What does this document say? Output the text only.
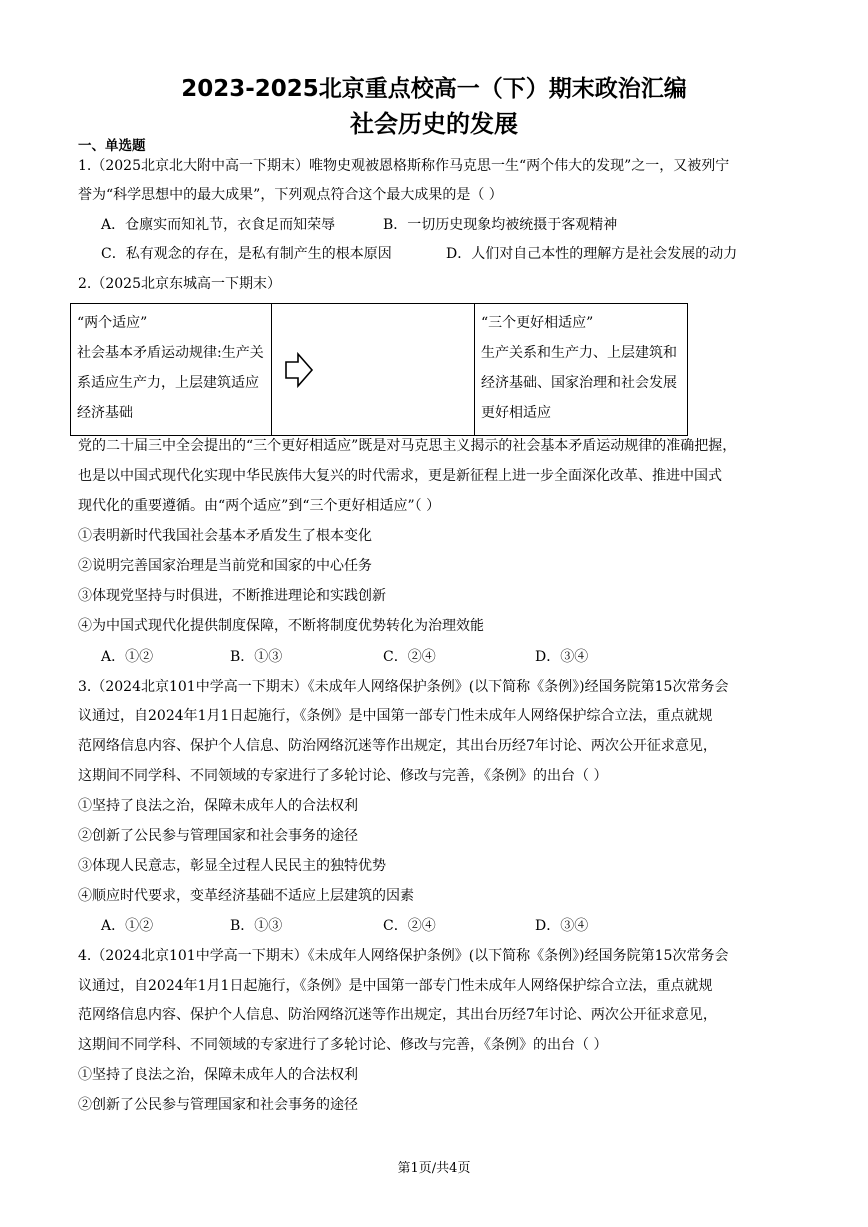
2023-2025北京重点校高一（下）期末政治汇编
社会历史的发展
一、单选题
1.（2025北京北大附中高一下期末）唯物史观被恩格斯称作马克思一生“两个伟大的发现”之一，又被列宁
誉为“科学思想中的最大成果”，下列观点符合这个最大成果的是（ ）
A．仓廪实而知礼节，衣食足而知荣辱	B．一切历史现象均被统摄于客观精神
C．私有观念的存在，是私有制产生的根本原因	D．人们对自己本性的理解方是社会发展的动力
2.（2025北京东城高一下期末）
“两个适应”
社会基本矛盾运动规律:生产关系适应生产力，上层建筑适应经济基础

“三个更好相适应”
生产关系和生产力、上层建筑和经济基础、国家治理和社会发展更好相适应
党的二十届三中全会提出的“三个更好相适应”既是对马克思主义揭示的社会基本矛盾运动规律的准确把握，
也是以中国式现代化实现中华民族伟大复兴的时代需求，更是新征程上进一步全面深化改革、推进中国式
现代化的重要遵循。由“两个适应”到“三个更好相适应”（ ）
①表明新时代我国社会基本矛盾发生了根本变化
②说明完善国家治理是当前党和国家的中心任务
③体现党坚持与时俱进，不断推进理论和实践创新
④为中国式现代化提供制度保障，不断将制度优势转化为治理效能
A．①②	B．①③	C．②④	D．③④
3.（2024北京101中学高一下期末）《未成年人网络保护条例》(以下简称《条例》)经国务院第15次常务会
议通过，自2024年1月1日起施行，《条例》是中国第一部专门性未成年人网络保护综合立法，重点就规
范网络信息内容、保护个人信息、防治网络沉迷等作出规定，其出台历经7年讨论、两次公开征求意见，
这期间不同学科、不同领域的专家进行了多轮讨论、修改与完善，《条例》的出台（ ）
①坚持了良法之治，保障未成年人的合法权利
②创新了公民参与管理国家和社会事务的途径
③体现人民意志，彰显全过程人民民主的独特优势
④顺应时代要求，变革经济基础不适应上层建筑的因素
A．①②	B．①③	C．②④	D．③④
4.（2024北京101中学高一下期末）《未成年人网络保护条例》(以下简称《条例》)经国务院第15次常务会
议通过，自2024年1月1日起施行，《条例》是中国第一部专门性未成年人网络保护综合立法，重点就规
范网络信息内容、保护个人信息、防治网络沉迷等作出规定，其出台历经7年讨论、两次公开征求意见，
这期间不同学科、不同领域的专家进行了多轮讨论、修改与完善，《条例》的出台（ ）
①坚持了良法之治，保障未成年人的合法权利
②创新了公民参与管理国家和社会事务的途径
第1页/共4页
